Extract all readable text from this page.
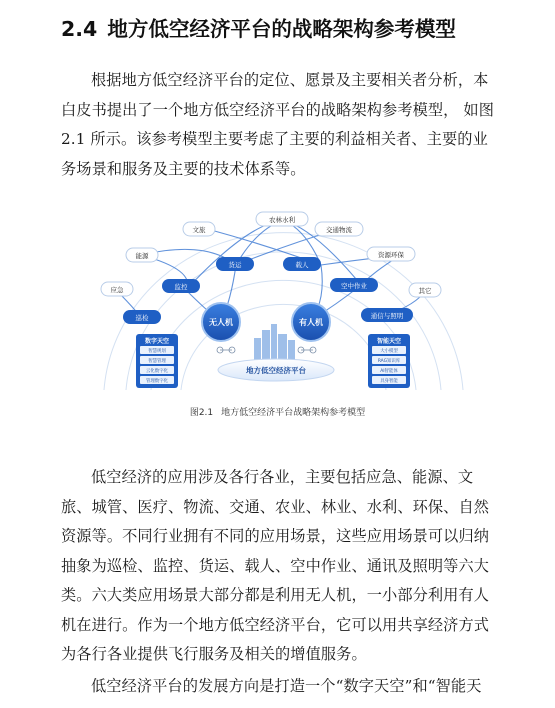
2.4 地方低空经济平台的战略架构参考模型

根据地方低空经济平台的定位、愿景及主要相关者分析，本白皮书提出了一个地方低空经济平台的战略架构参考模型， 如图 2.1 所示。该参考模型主要考虑了主要的利益相关者、主要的业务场景和服务及主要的技术体系等。

应急
能源
文旅
农林水利
交通物流
资源环保
其它
巡检
监控
货运	载人
空中作业
通信与照明
无人机	有人机
地方低空经济平台
数字天空
智慧规划
智慧管理
云化数字化
管理数字化
智能天空
大小模型
RAG知识库
AI智能体
具身智能

图2.1 地方低空经济平台战略架构参考模型

低空经济的应用涉及各行各业，主要包括应急、能源、文旅、城管、医疗、物流、交通、农业、林业、水利、环保、自然资源等。不同行业拥有不同的应用场景，这些应用场景可以归纳抽象为巡检、监控、货运、载人、空中作业、通讯及照明等六大类。六大类应用场景大部分都是利用无人机，一小部分利用有人机在进行。作为一个地方低空经济平台，它可以用共享经济方式为各行各业提供飞行服务及相关的增值服务。

低空经济平台的发展方向是打造一个“数字天空”和“智能天
